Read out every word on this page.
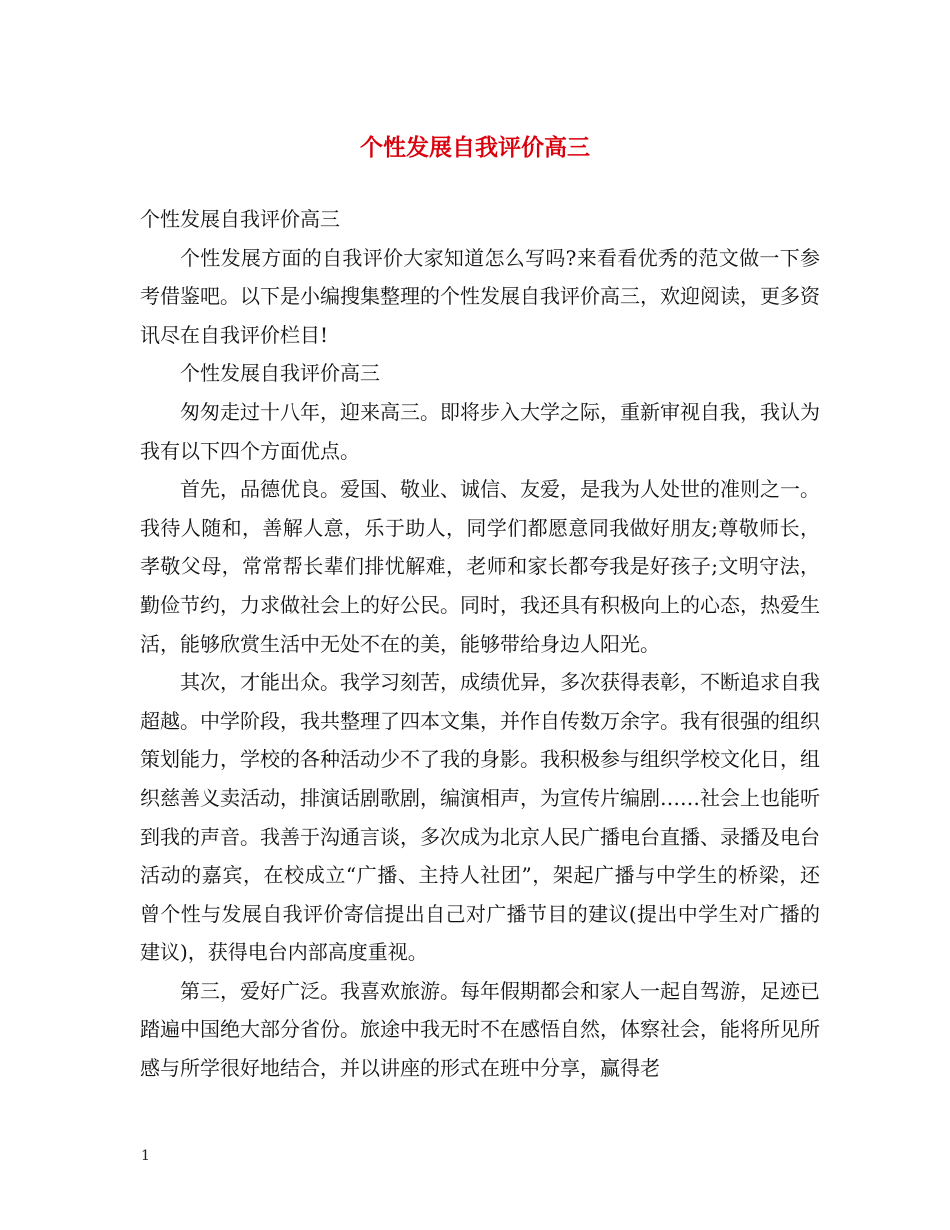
个性发展自我评价高三

个性发展自我评价高三

个性发展方面的自我评价大家知道怎么写吗?来看看优秀的范文做一下参考借鉴吧。以下是小编搜集整理的个性发展自我评价高三，欢迎阅读，更多资讯尽在自我评价栏目!

个性发展自我评价高三

匆匆走过十八年，迎来高三。即将步入大学之际，重新审视自我，我认为我有以下四个方面优点。

首先，品德优良。爱国、敬业、诚信、友爱，是我为人处世的准则之一。我待人随和，善解人意，乐于助人，同学们都愿意同我做好朋友;尊敬师长，孝敬父母，常常帮长辈们排忧解难，老师和家长都夸我是好孩子;文明守法，勤俭节约，力求做社会上的好公民。同时，我还具有积极向上的心态，热爱生活，能够欣赏生活中无处不在的美，能够带给身边人阳光。

其次，才能出众。我学习刻苦，成绩优异，多次获得表彰，不断追求自我超越。中学阶段，我共整理了四本文集，并作自传数万余字。我有很强的组织策划能力，学校的各种活动少不了我的身影。我积极参与组织学校文化日，组织慈善义卖活动，排演话剧歌剧，编演相声，为宣传片编剧……社会上也能听到我的声音。我善于沟通言谈，多次成为北京人民广播电台直播、录播及电台活动的嘉宾，在校成立“广播、主持人社团”，架起广播与中学生的桥梁，还曾个性与发展自我评价寄信提出自己对广播节目的建议(提出中学生对广播的建议)，获得电台内部高度重视。

第三，爱好广泛。我喜欢旅游。每年假期都会和家人一起自驾游，足迹已踏遍中国绝大部分省份。旅途中我无时不在感悟自然，体察社会，能将所见所感与所学很好地结合，并以讲座的形式在班中分享，赢得老

1
